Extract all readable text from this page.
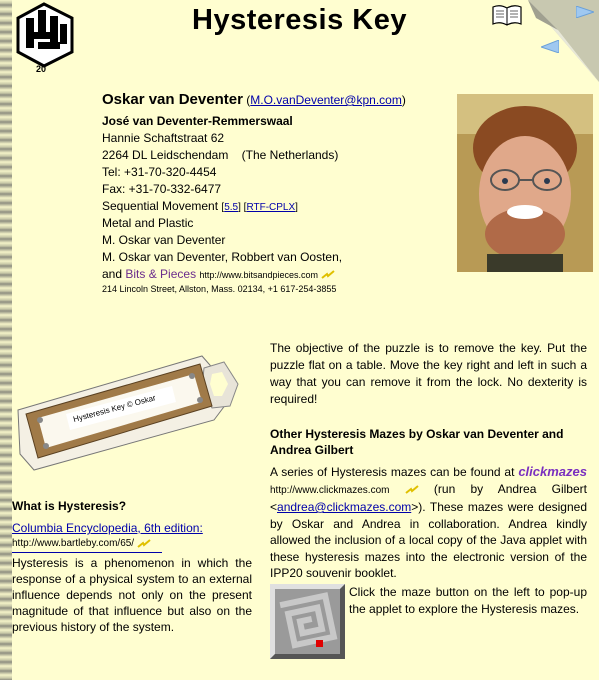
20
Hysteresis Key
Oskar van Deventer (M.O.vanDeventer@kpn.com)
José van Deventer-Remmerswaal
Hannie Schaftstraat 62
2264 DL Leidschendam    (The Netherlands)
Tel: +31-70-320-4454
Fax: +31-70-332-6477
Sequential Movement [5.5] [RTF-CPLX]
Metal and Plastic
M. Oskar van Deventer
M. Oskar van Deventer, Robbert van Oosten,
and Bits & Pieces http://www.bitsandpieces.com
214 Lincoln Street, Allston, Mass. 02134, +1 617-254-3855
Hysteresis Key © Oskar
The objective of the puzzle is to remove the key. Put the puzzle flat on a table. Move the key right and left in such a way that you can remove it from the lock. No dexterity is required!
Other Hysteresis Mazes by Oskar van Deventer and Andrea Gilbert
A series of Hysteresis mazes can be found at clickmazes http://www.clickmazes.com	(run by Andrea Gilbert <andrea@clickmazes.com>). These mazes were designed by Oskar and Andrea in collaboration. Andrea kindly allowed the inclusion of a local copy of the Java applet with these hysteresis mazes into the electronic version of the IPP20 souvenir booklet.
Click the maze button on the left to pop-up the applet to explore the Hysteresis mazes.
What is Hysteresis?
Columbia Encyclopedia, 6th edition:
http://www.bartleby.com/65/
Hysteresis is a phenomenon in which the response of a physical system to an external influence depends not only on the present magnitude of that influence but also on the previous history of the system.
